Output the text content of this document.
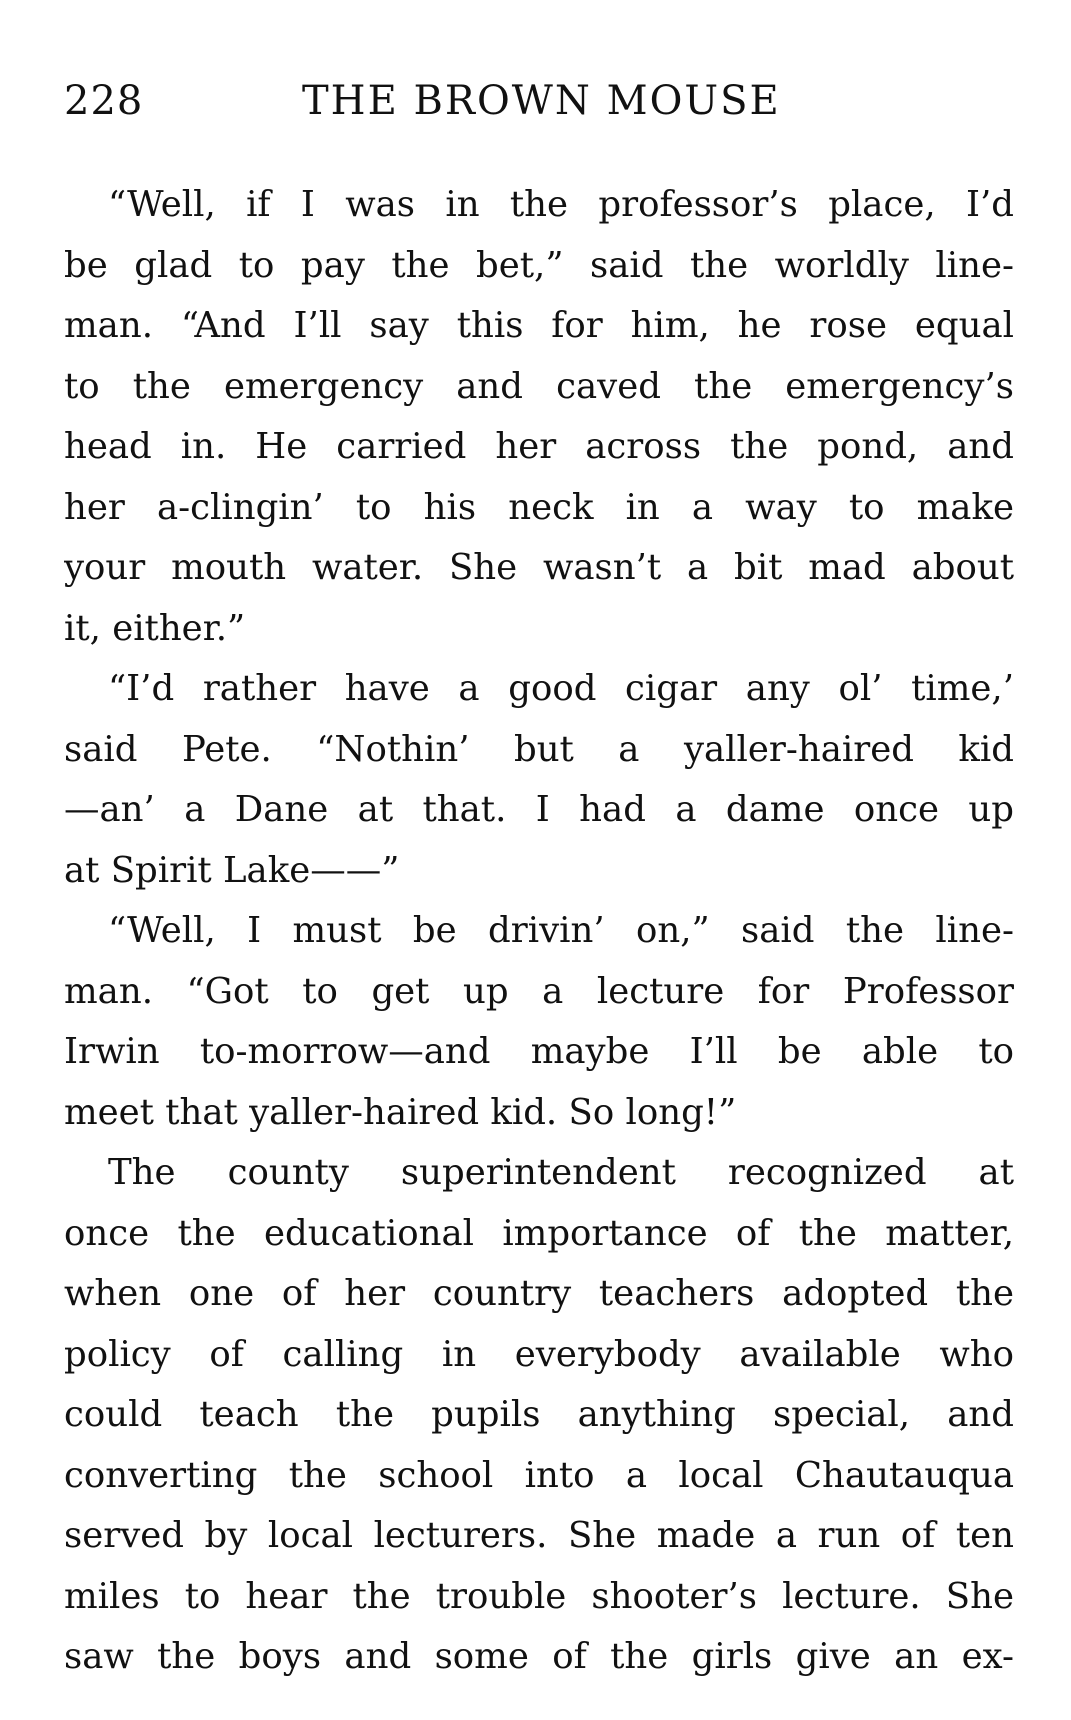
228	THE BROWN MOUSE
“Well, if I was in the professor’s place, I’d
be glad to pay the bet,” said the worldly line-
man. “And I’ll say this for him, he rose equal
to the emergency and caved the emergency’s
head in. He carried her across the pond, and
her a-clingin’ to his neck in a way to make
your mouth water. She wasn’t a bit mad about
it, either.”
“I’d rather have a good cigar any ol’ time,’
said Pete. “Nothin’ but a yaller-haired kid
—an’ a Dane at that. I had a dame once up
at Spirit Lake——”
“Well, I must be drivin’ on,” said the line-
man. “Got to get up a lecture for Professor
Irwin to-morrow—and maybe I’ll be able to
meet that yaller-haired kid. So long!”
The county superintendent recognized at
once the educational importance of the matter,
when one of her country teachers adopted the
policy of calling in everybody available who
could teach the pupils anything special, and
converting the school into a local Chautauqua
served by local lecturers. She made a run of ten
miles to hear the trouble shooter’s lecture. She
saw the boys and some of the girls give an ex-
